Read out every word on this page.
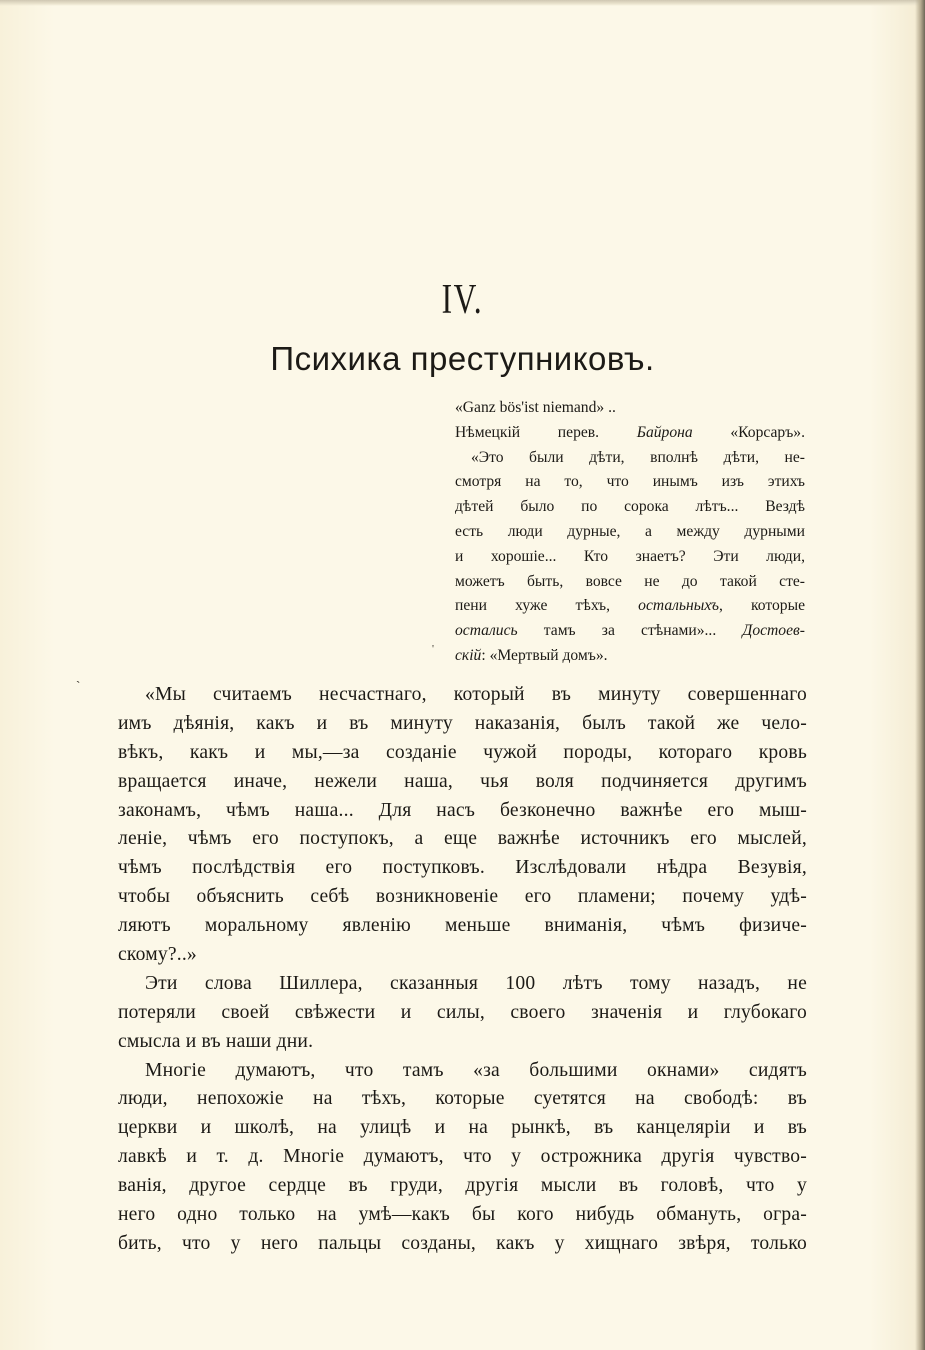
IV.
Психика преступниковъ.
«Ganz bös'ist niemand» ..
Нѣмецкій перев. Байрона «Корсаръ».
«Это были дѣти, вполнѣ дѣти, не-
смотря на то, что инымъ изъ этихъ
дѣтей было по сорока лѣтъ... Вездѣ
есть люди дурные, а между дурными
и хорошіе... Кто знаетъ? Эти люди,
можетъ быть, вовсе не до такой сте-
пени хуже тѣхъ, остальныхъ, которые
остались тамъ за стѣнами»... Достоев-
скій: «Мертвый домъ».
`
'
«Мы считаемъ несчастнаго, который въ минуту совершеннаго
имъ дѣянія, какъ и въ минуту наказанія, былъ такой же чело-
вѣкъ, какъ и мы,—за созданіе чужой породы, котораго кровь
вращается иначе, нежели наша, чья воля подчиняется другимъ
законамъ, чѣмъ наша... Для насъ безконечно важнѣе его мыш-
леніе, чѣмъ его поступокъ, а еще важнѣе источникъ его мыслей,
чѣмъ послѣдствія его поступковъ. Изслѣдовали нѣдра Везувія,
чтобы объяснить себѣ возникновеніе его пламени; почему удѣ-
ляютъ моральному явленію меньше вниманія, чѣмъ физиче-
скому?..»
Эти слова Шиллера, сказанныя 100 лѣтъ тому назадъ, не
потеряли своей свѣжести и силы, своего значенія и глубокаго
смысла и въ наши дни.
Многіе думаютъ, что тамъ «за большими окнами» сидятъ
люди, непохожіе на тѣхъ, которые суетятся на свободѣ: въ
церкви и школѣ, на улицѣ и на рынкѣ, въ канцеляріи и въ
лавкѣ и т. д. Многіе думаютъ, что у острожника другія чувство-
ванія, другое сердце въ груди, другія мысли въ головѣ, что у
него одно только на умѣ—какъ бы кого нибудь обмануть, огра-
бить, что у него пальцы созданы, какъ у хищнаго звѣря, только
